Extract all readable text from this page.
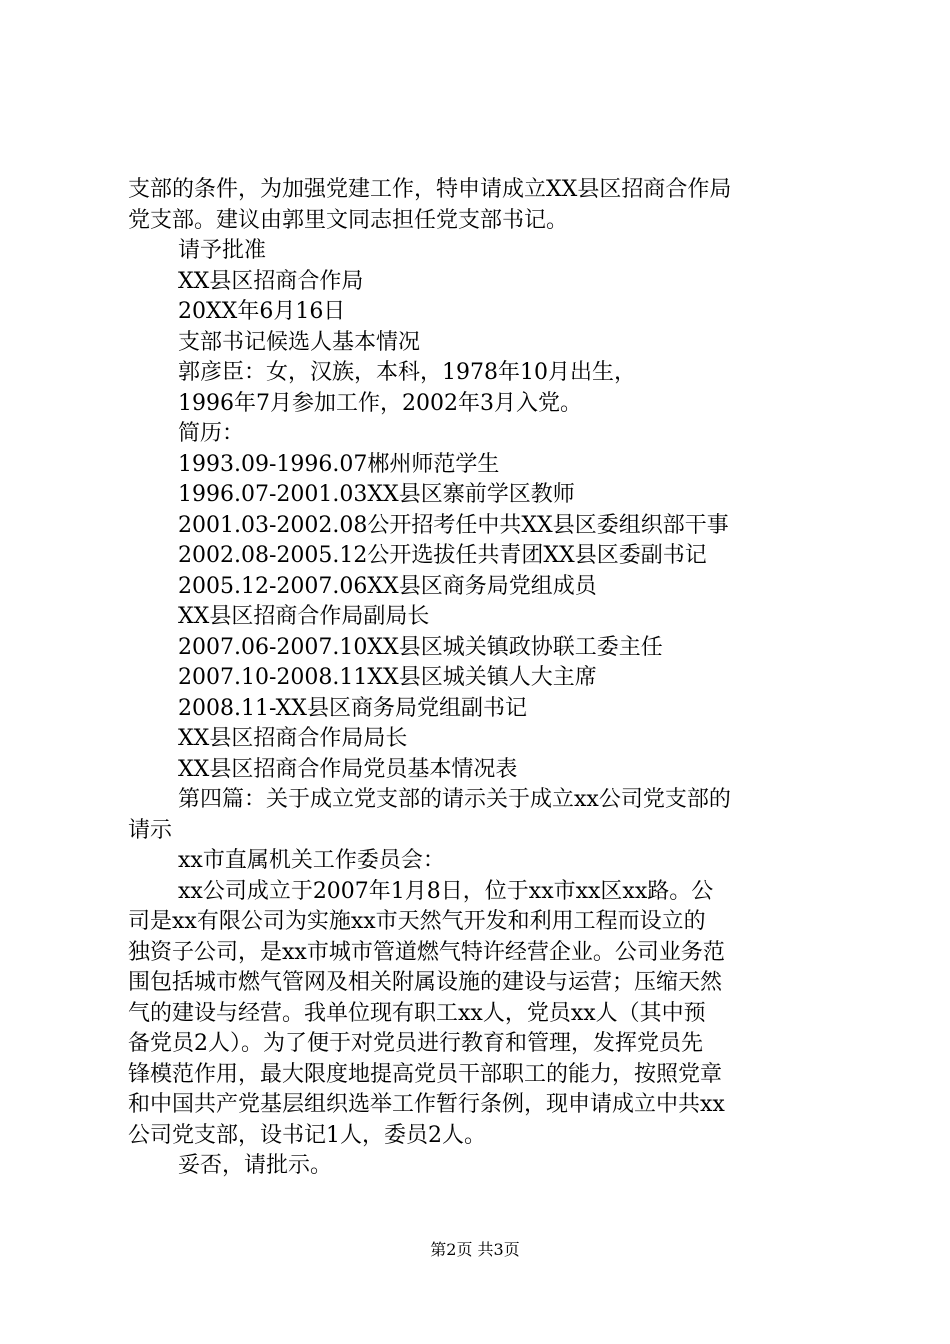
支部的条件，为加强党建工作，特申请成立XX县区招商合作局
党支部。建议由郭里文同志担任党支部书记。
请予批准
XX县区招商合作局
20XX年6月16日
支部书记候选人基本情况
郭彦臣：女，汉族，本科，1978年10月出生，
1996年7月参加工作，2002年3月入党。
简历：
1993.09-1996.07郴州师范学生
1996.07-2001.03XX县区寨前学区教师
2001.03-2002.08公开招考任中共XX县区委组织部干事
2002.08-2005.12公开选拔任共青团XX县区委副书记
2005.12-2007.06XX县区商务局党组成员
XX县区招商合作局副局长
2007.06-2007.10XX县区城关镇政协联工委主任
2007.10-2008.11XX县区城关镇人大主席
2008.11-XX县区商务局党组副书记
XX县区招商合作局局长
XX县区招商合作局党员基本情况表
第四篇：关于成立党支部的请示关于成立xx公司党支部的
请示
xx市直属机关工作委员会：
xx公司成立于2007年1月8日，位于xx市xx区xx路。公
司是xx有限公司为实施xx市天然气开发和利用工程而设立的
独资子公司，是xx市城市管道燃气特许经营企业。公司业务范
围包括城市燃气管网及相关附属设施的建设与运营；压缩天然
气的建设与经营。我单位现有职工xx人，党员xx人（其中预
备党员2人）。为了便于对党员进行教育和管理，发挥党员先
锋模范作用，最大限度地提高党员干部职工的能力，按照党章
和中国共产党基层组织选举工作暂行条例，现申请成立中共xx
公司党支部，设书记1人，委员2人。
妥否，请批示。
第2页 共3页
